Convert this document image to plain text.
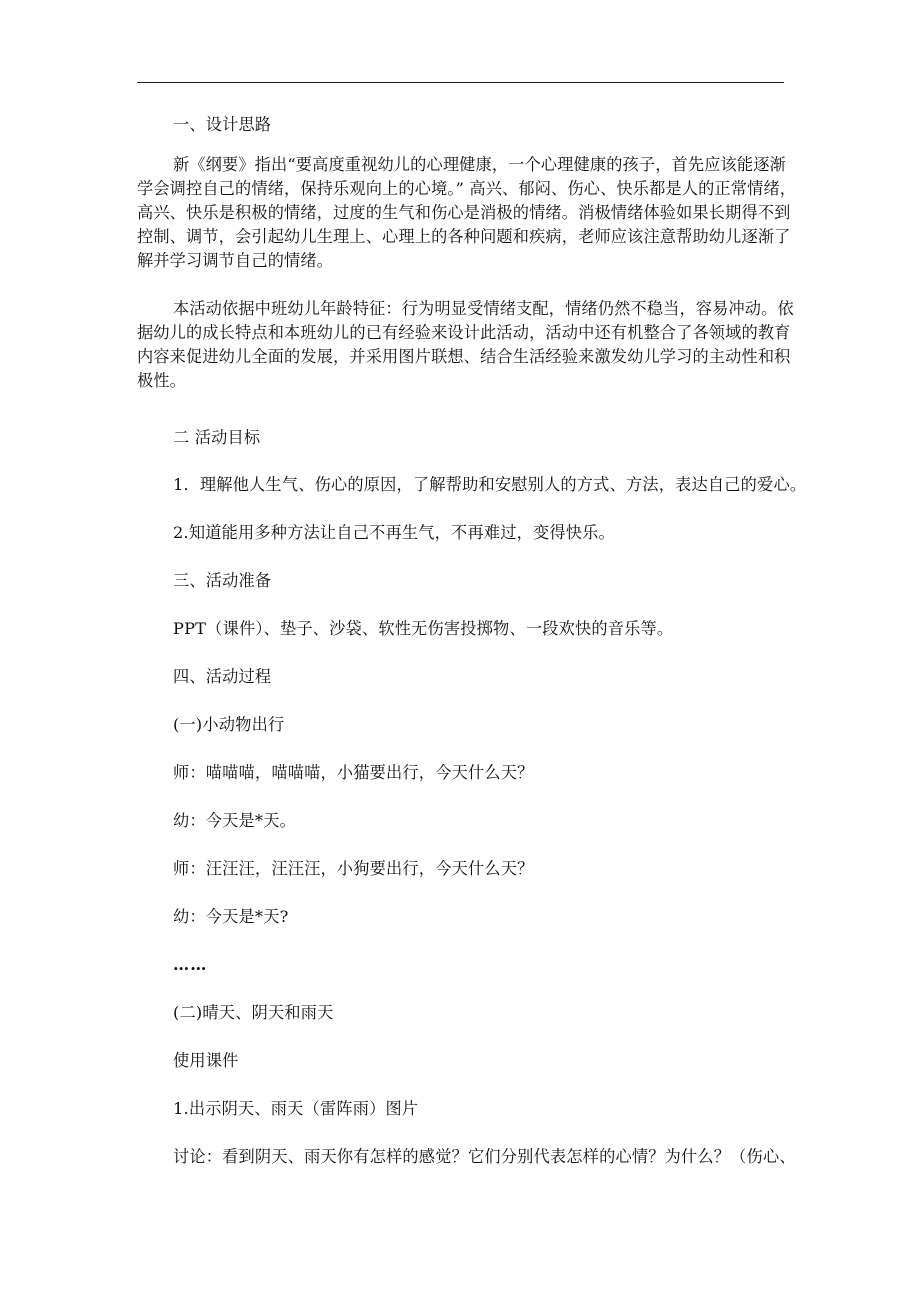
一、设计思路
新《纲要》指出“要高度重视幼儿的心理健康，一个心理健康的孩子，首先应该能逐渐
学会调控自己的情绪，保持乐观向上的心境。” 高兴、郁闷、伤心、快乐都是人的正常情绪，
高兴、快乐是积极的情绪，过度的生气和伤心是消极的情绪。消极情绪体验如果长期得不到
控制、调节，会引起幼儿生理上、心理上的各种问题和疾病，老师应该注意帮助幼儿逐渐了
解并学习调节自己的情绪。
本活动依据中班幼儿年龄特征：行为明显受情绪支配，情绪仍然不稳当，容易冲动。依
据幼儿的成长特点和本班幼儿的已有经验来设计此活动，活动中还有机整合了各领域的教育
内容来促进幼儿全面的发展，并采用图片联想、结合生活经验来激发幼儿学习的主动性和积
极性。
二 活动目标
1．理解他人生气、伤心的原因，了解帮助和安慰别人的方式、方法，表达自己的爱心。
2.知道能用多种方法让自己不再生气，不再难过，变得快乐。
三、活动准备
PPT（课件）、垫子、沙袋、软性无伤害投掷物、一段欢快的音乐等。
四、活动过程
(一)小动物出行
师：喵喵喵，喵喵喵，小猫要出行，今天什么天？
幼：今天是*天。
师：汪汪汪，汪汪汪，小狗要出行，今天什么天？
幼：今天是*天?
……
(二)晴天、阴天和雨天
使用课件
1.出示阴天、雨天（雷阵雨）图片
讨论：看到阴天、雨天你有怎样的感觉？它们分别代表怎样的心情？为什么？（伤心、
